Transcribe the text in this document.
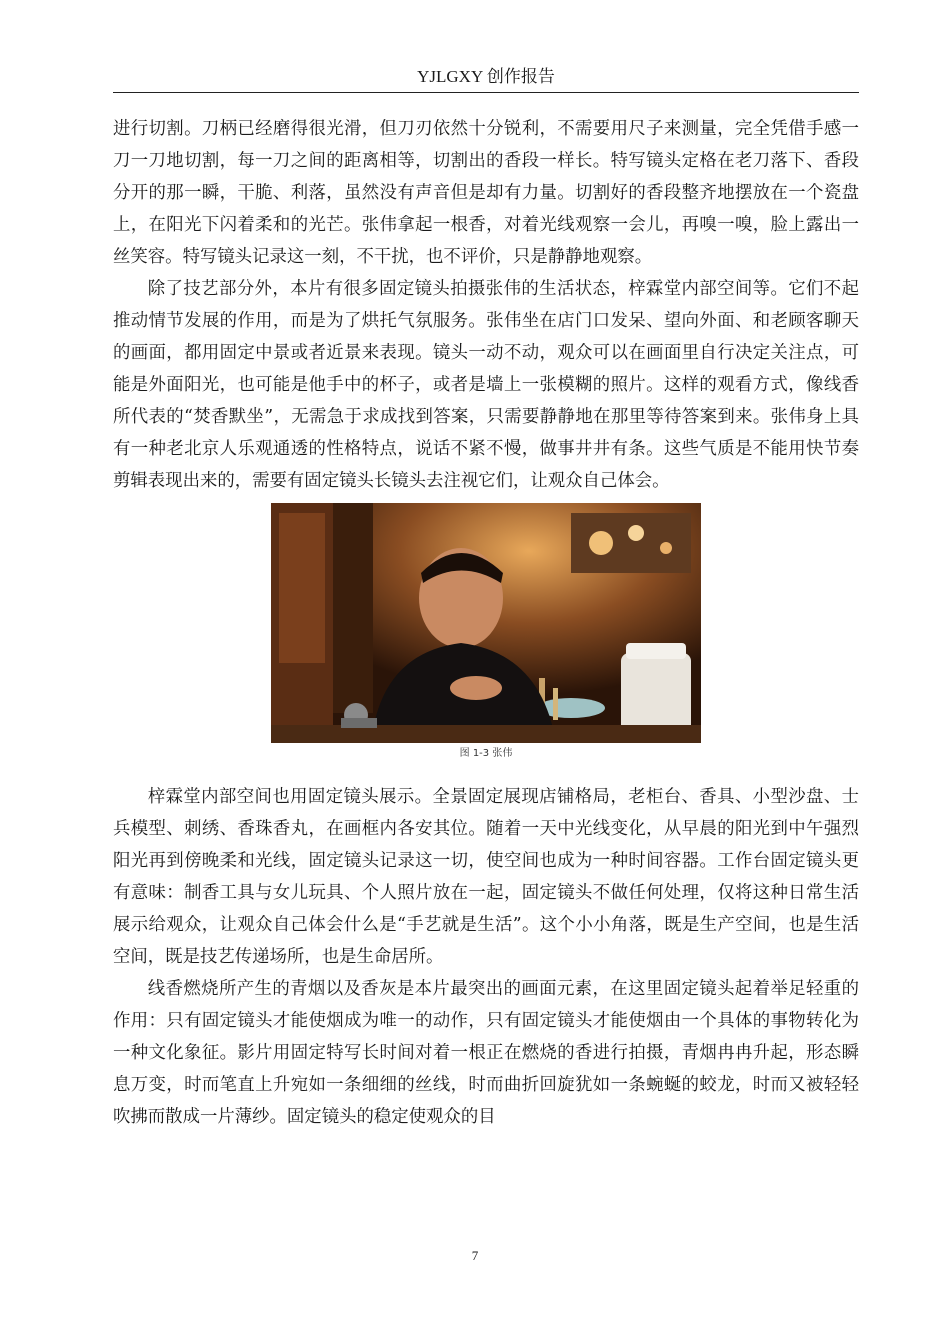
YJLGXY 创作报告

进行切割。刀柄已经磨得很光滑，但刀刃依然十分锐利，不需要用尺子来测量，完全凭借手感一刀一刀地切割，每一刀之间的距离相等，切割出的香段一样长。特写镜头定格在老刀落下、香段分开的那一瞬，干脆、利落，虽然没有声音但是却有力量。切割好的香段整齐地摆放在一个瓷盘上，在阳光下闪着柔和的光芒。张伟拿起一根香，对着光线观察一会儿，再嗅一嗅，脸上露出一丝笑容。特写镜头记录这一刻，不干扰，也不评价，只是静静地观察。

除了技艺部分外，本片有很多固定镜头拍摄张伟的生活状态，梓霖堂内部空间等。它们不起推动情节发展的作用，而是为了烘托气氛服务。张伟坐在店门口发呆、望向外面、和老顾客聊天的画面，都用固定中景或者近景来表现。镜头一动不动，观众可以在画面里自行决定关注点，可能是外面阳光，也可能是他手中的杯子，或者是墙上一张模糊的照片。这样的观看方式，像线香所代表的“焚香默坐”，无需急于求成找到答案，只需要静静地在那里等待答案到来。张伟身上具有一种老北京人乐观通透的性格特点，说话不紧不慢，做事井井有条。这些气质是不能用快节奏剪辑表现出来的，需要有固定镜头长镜头去注视它们，让观众自己体会。

图 1-3 张伟

梓霖堂内部空间也用固定镜头展示。全景固定展现店铺格局，老柜台、香具、小型沙盘、士兵模型、刺绣、香珠香丸，在画框内各安其位。随着一天中光线变化，从早晨的阳光到中午强烈阳光再到傍晚柔和光线，固定镜头记录这一切，使空间也成为一种时间容器。工作台固定镜头更有意味：制香工具与女儿玩具、个人照片放在一起，固定镜头不做任何处理，仅将这种日常生活展示给观众，让观众自己体会什么是“手艺就是生活”。这个小小角落，既是生产空间，也是生活空间，既是技艺传递场所，也是生命居所。

线香燃烧所产生的青烟以及香灰是本片最突出的画面元素，在这里固定镜头起着举足轻重的作用：只有固定镜头才能使烟成为唯一的动作，只有固定镜头才能使烟由一个具体的事物转化为一种文化象征。影片用固定特写长时间对着一根正在燃烧的香进行拍摄，青烟冉冉升起，形态瞬息万变，时而笔直上升宛如一条细细的丝线，时而曲折回旋犹如一条蜿蜒的蛟龙，时而又被轻轻吹拂而散成一片薄纱。固定镜头的稳定使观众的目

7
